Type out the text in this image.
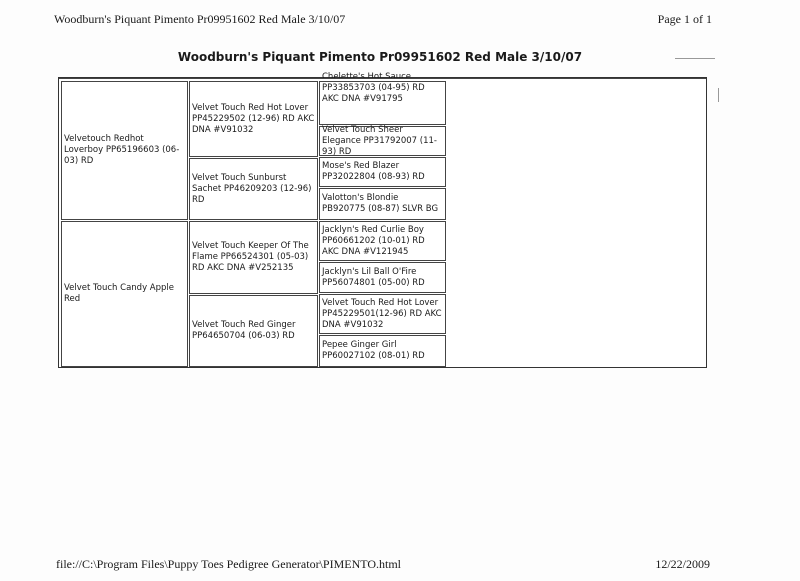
Woodburn's Piquant Pimento Pr09951602 Red Male 3/10/07	Page 1 of 1
Woodburn's Piquant Pimento Pr09951602 Red Male 3/10/07
Velvetouch Redhot Loverboy PP65196603 (06-03) RD
Velvet Touch Candy Apple Red
Velvet Touch Red Hot Lover PP45229502 (12-96) RD AKC DNA #V91032
Velvet Touch Sunburst Sachet PP46209203 (12-96) RD
Velvet Touch Keeper Of The Flame PP66524301 (05-03) RD AKC DNA #V252135
Velvet Touch Red Ginger PP64650704 (06-03) RD
Chelette's Hot Sauce PP33853703 (04-95) RD AKC DNA #V91795
Velvet Touch Sheer Elegance PP31792007 (11-93) RD
Mose's Red Blazer PP32022804 (08-93) RD
Valotton's Blondie PB920775 (08-87) SLVR BG
Jacklyn's Red Curlie Boy PP60661202 (10-01) RD AKC DNA #V121945
Jacklyn's Lil Ball O'Fire PP56074801 (05-00) RD
Velvet Touch Red Hot Lover PP45229501(12-96) RD AKC DNA #V91032
Pepee Ginger Girl PP60027102 (08-01) RD
file://C:\Program Files\Puppy Toes Pedigree Generator\PIMENTO.html	12/22/2009
